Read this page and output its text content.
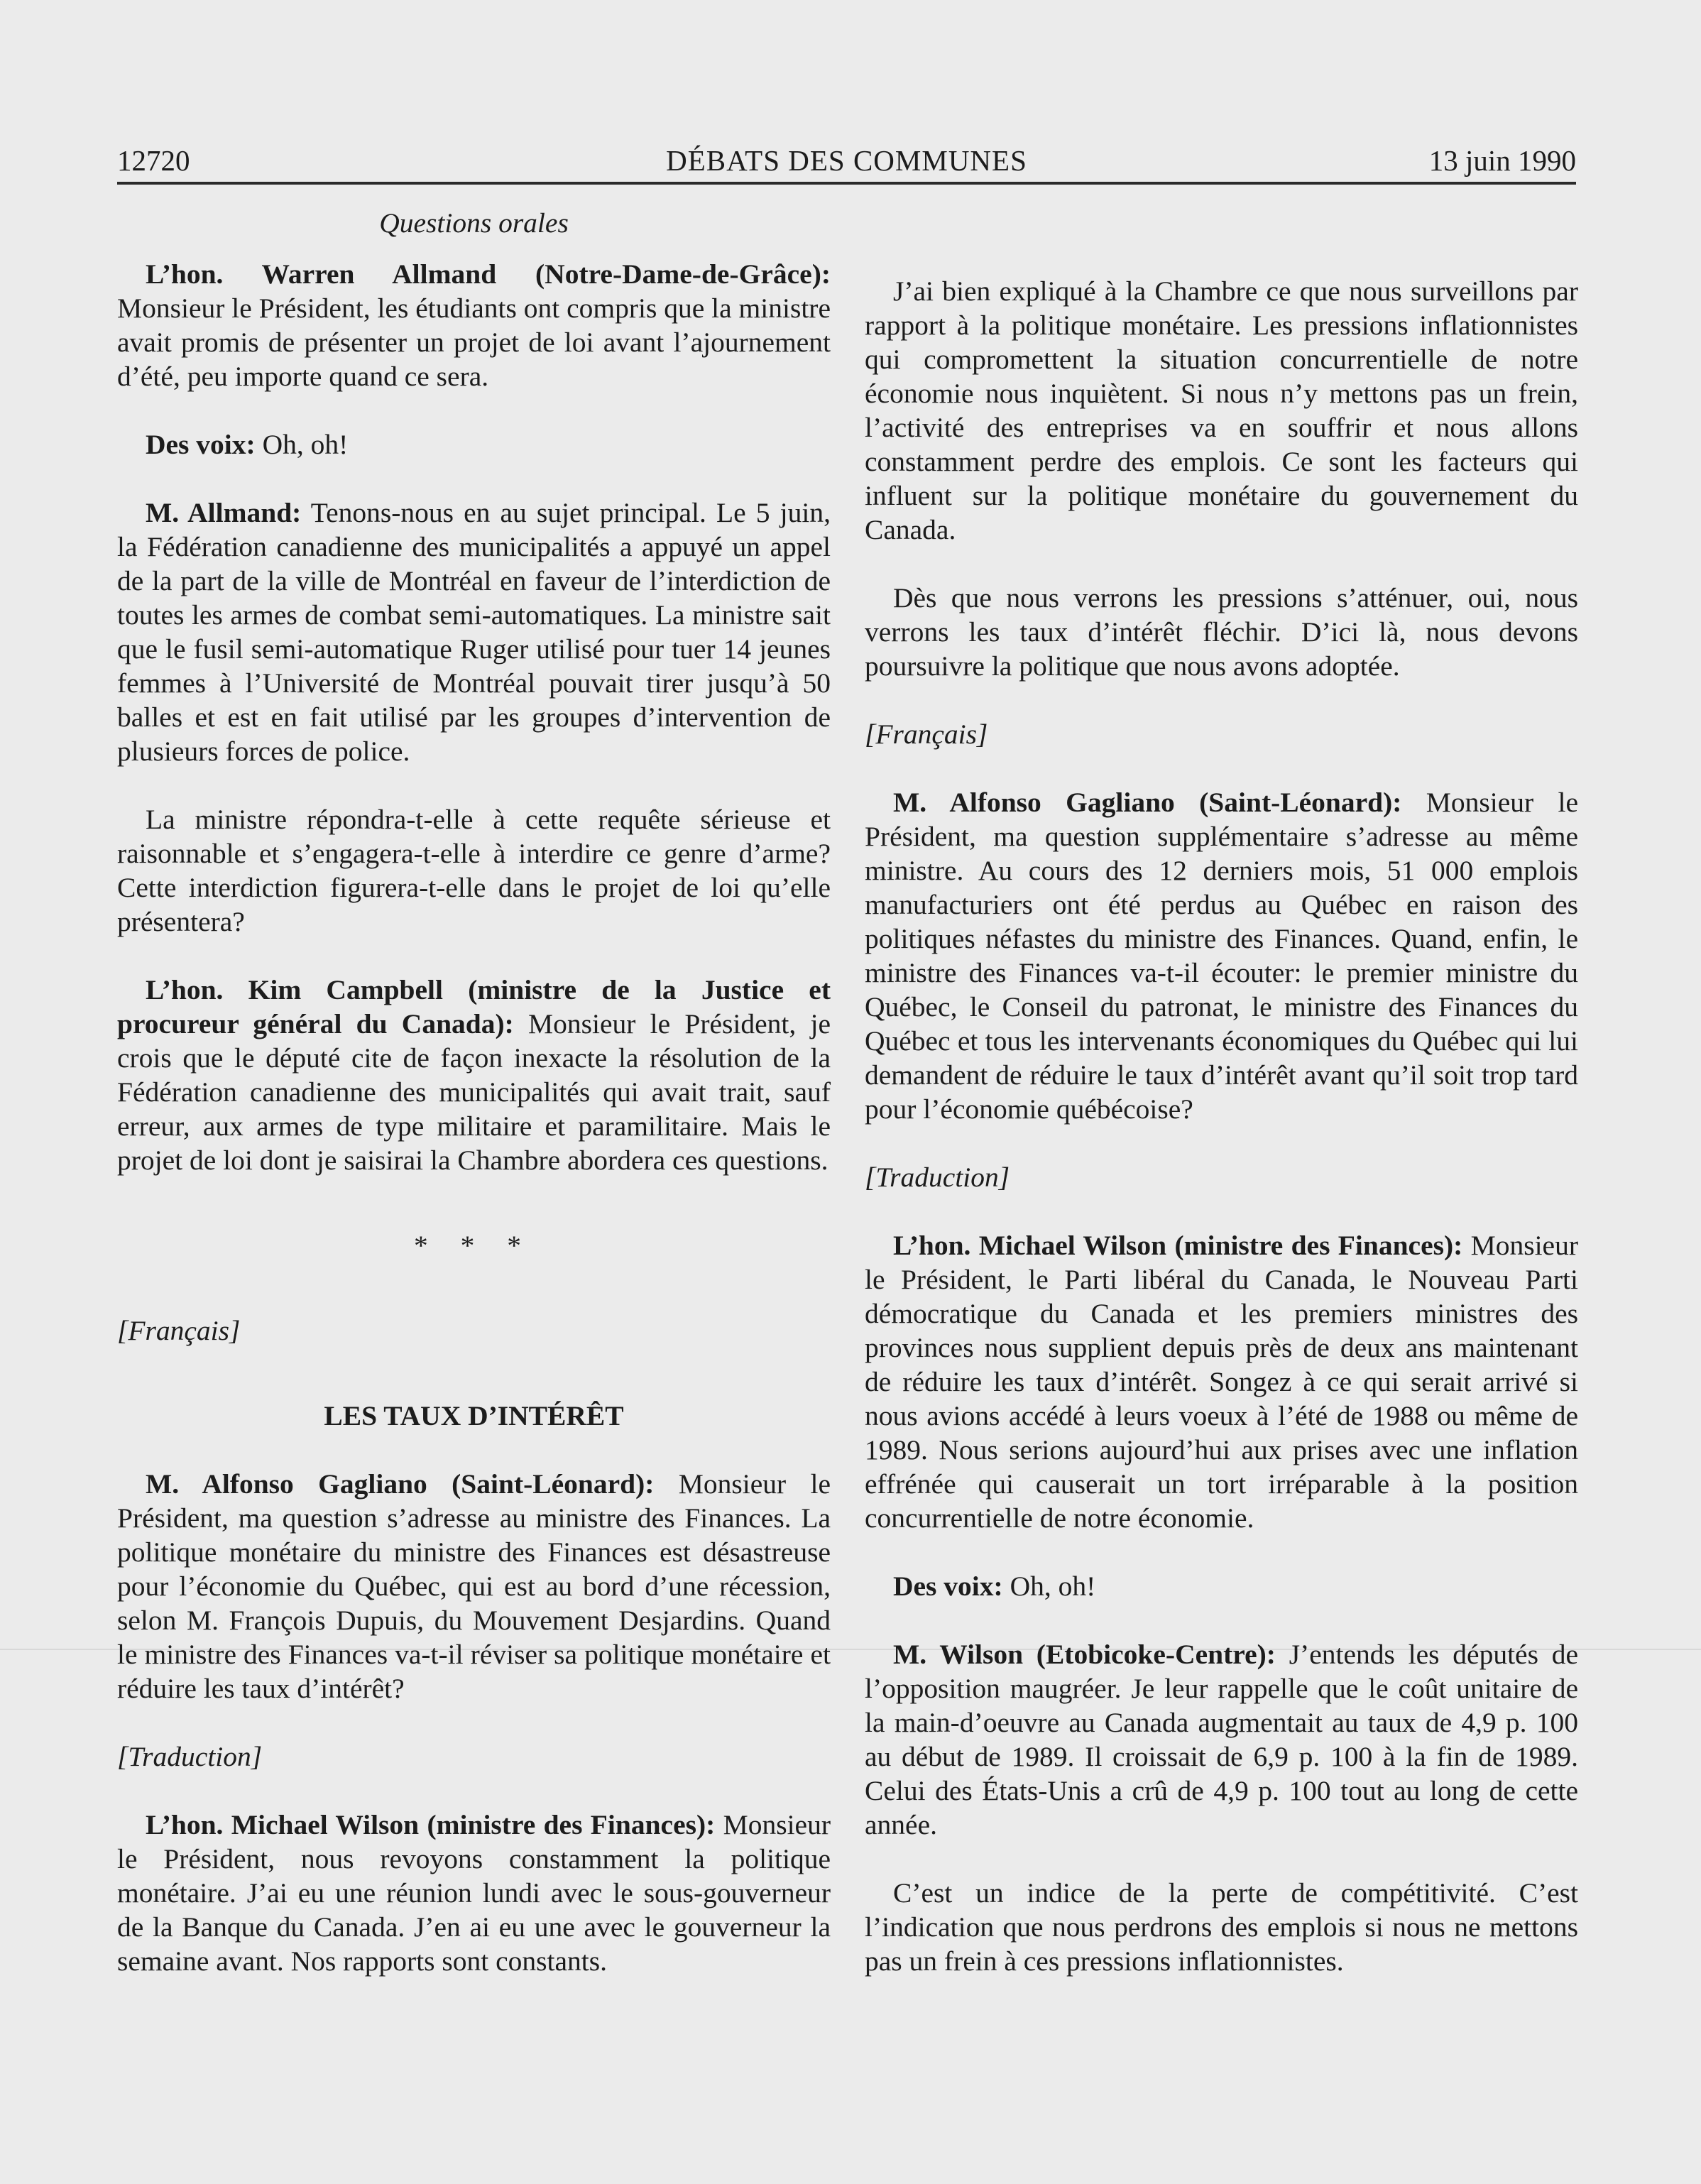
12720	DÉBATS DES COMMUNES	13 juin 1990

Questions orales

L’hon. Warren Allmand (Notre-Dame-de-Grâce): Monsieur le Président, les étudiants ont compris que la ministre avait promis de présenter un projet de loi avant l’ajournement d’été, peu importe quand ce sera.

Des voix: Oh, oh!

M. Allmand: Tenons-nous en au sujet principal. Le 5 juin, la Fédération canadienne des municipalités a appuyé un appel de la part de la ville de Montréal en faveur de l’interdiction de toutes les armes de combat semi-automatiques. La ministre sait que le fusil semi-automatique Ruger utilisé pour tuer 14 jeunes femmes à l’Université de Montréal pouvait tirer jusqu’à 50 balles et est en fait utilisé par les groupes d’intervention de plusieurs forces de police.

La ministre répondra-t-elle à cette requête sérieuse et raisonnable et s’engagera-t-elle à interdire ce genre d’arme? Cette interdiction figurera-t-elle dans le projet de loi qu’elle présentera?

L’hon. Kim Campbell (ministre de la Justice et procureur général du Canada): Monsieur le Président, je crois que le député cite de façon inexacte la résolution de la Fédération canadienne des municipalités qui avait trait, sauf erreur, aux armes de type militaire et paramilitaire. Mais le projet de loi dont je saisirai la Chambre abordera ces questions.

* * *

[Français]

LES TAUX D’INTÉRÊT

M. Alfonso Gagliano (Saint-Léonard): Monsieur le Président, ma question s’adresse au ministre des Finances. La politique monétaire du ministre des Finances est désastreuse pour l’économie du Québec, qui est au bord d’une récession, selon M. François Dupuis, du Mouvement Desjardins. Quand le ministre des Finances va-t-il réviser sa politique monétaire et réduire les taux d’intérêt?

[Traduction]

L’hon. Michael Wilson (ministre des Finances): Monsieur le Président, nous revoyons constamment la politique monétaire. J’ai eu une réunion lundi avec le sous-gouverneur de la Banque du Canada. J’en ai eu une avec le gouverneur la semaine avant. Nos rapports sont constants.

J’ai bien expliqué à la Chambre ce que nous surveillons par rapport à la politique monétaire. Les pressions inflationnistes qui compromettent la situation concurrentielle de notre économie nous inquiètent. Si nous n’y mettons pas un frein, l’activité des entreprises va en souffrir et nous allons constamment perdre des emplois. Ce sont les facteurs qui influent sur la politique monétaire du gouvernement du Canada.

Dès que nous verrons les pressions s’atténuer, oui, nous verrons les taux d’intérêt fléchir. D’ici là, nous devons poursuivre la politique que nous avons adoptée.

[Français]

M. Alfonso Gagliano (Saint-Léonard): Monsieur le Président, ma question supplémentaire s’adresse au même ministre. Au cours des 12 derniers mois, 51 000 emplois manufacturiers ont été perdus au Québec en raison des politiques néfastes du ministre des Finances. Quand, enfin, le ministre des Finances va-t-il écouter: le premier ministre du Québec, le Conseil du patronat, le ministre des Finances du Québec et tous les intervenants économiques du Québec qui lui demandent de réduire le taux d’intérêt avant qu’il soit trop tard pour l’économie québécoise?

[Traduction]

L’hon. Michael Wilson (ministre des Finances): Monsieur le Président, le Parti libéral du Canada, le Nouveau Parti démocratique du Canada et les premiers ministres des provinces nous supplient depuis près de deux ans maintenant de réduire les taux d’intérêt. Songez à ce qui serait arrivé si nous avions accédé à leurs voeux à l’été de 1988 ou même de 1989. Nous serions aujourd’hui aux prises avec une inflation effrénée qui causerait un tort irréparable à la position concurrentielle de notre économie.

Des voix: Oh, oh!

M. Wilson (Etobicoke-Centre): J’entends les députés de l’opposition maugréer. Je leur rappelle que le coût unitaire de la main-d’oeuvre au Canada augmentait au taux de 4,9 p. 100 au début de 1989. Il croissait de 6,9 p. 100 à la fin de 1989. Celui des États-Unis a crû de 4,9 p. 100 tout au long de cette année.

C’est un indice de la perte de compétitivité. C’est l’indication que nous perdrons des emplois si nous ne mettons pas un frein à ces pressions inflationnistes.
